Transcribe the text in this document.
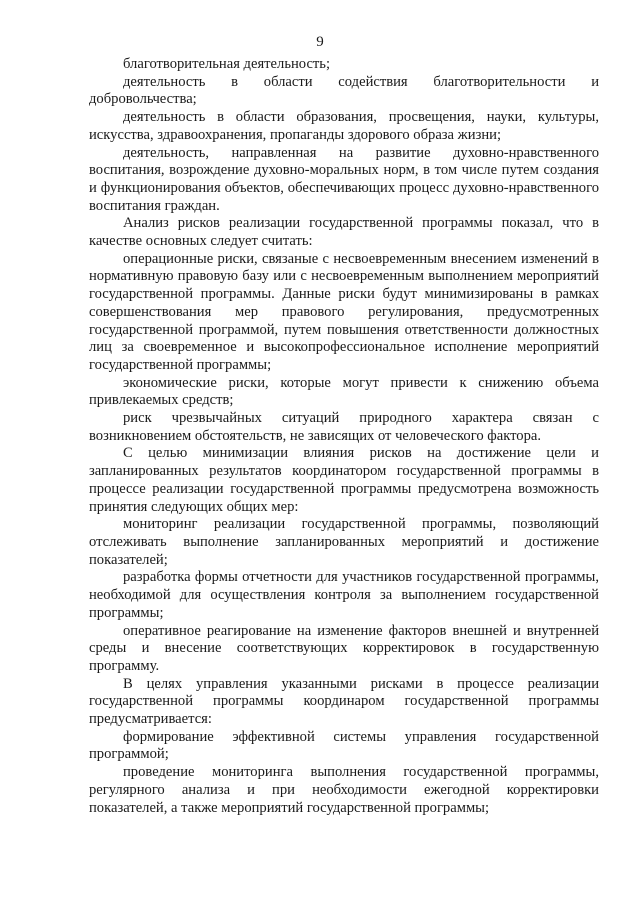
9

благотворительная деятельность;

деятельность в области содействия благотворительности и добровольчества;

деятельность в области образования, просвещения, науки, культуры, искусства, здравоохранения, пропаганды здорового образа жизни;

деятельность, направленная на развитие духовно-нравственного воспитания, возрождение духовно-моральных норм, в том числе путем создания и функционирования объектов, обеспечивающих процесс духовно-нравственного воспитания граждан.

Анализ рисков реализации государственной программы показал, что в качестве основных следует считать:

операционные риски, связаные с несвоевременным внесением изменений в нормативную правовую базу или с несвоевременным выполнением мероприятий государственной программы. Данные риски будут минимизированы в рамках совершенствования мер правового регулирования, предусмотренных государственной программой, путем повышения ответственности должностных лиц за своевременное и высокопрофессиональное исполнение мероприятий государственной программы;

экономические риски, которые могут привести к снижению объема привлекаемых средств;

риск чрезвычайных ситуаций природного характера связан с возникновением обстоятельств, не зависящих от человеческого фактора.

С целью минимизации влияния рисков на достижение цели и запланированных результатов координатором государственной программы в процессе реализации государственной программы предусмотрена возможность принятия следующих общих мер:

мониторинг реализации государственной программы, позволяющий отслеживать выполнение запланированных мероприятий и достижение показателей;

разработка формы отчетности для участников государственной программы, необходимой для осуществления контроля за выполнением государственной программы;

оперативное реагирование на изменение факторов внешней и внутренней среды и внесение соответствующих корректировок в государственную программу.

В целях управления указанными рисками в процессе реализации государственной программы координаром государственной программы предусматривается:

формирование эффективной системы управления государственной программой;

проведение мониторинга выполнения государственной программы, регулярного анализа и при необходимости ежегодной корректировки показателей, а также мероприятий государственной программы;
